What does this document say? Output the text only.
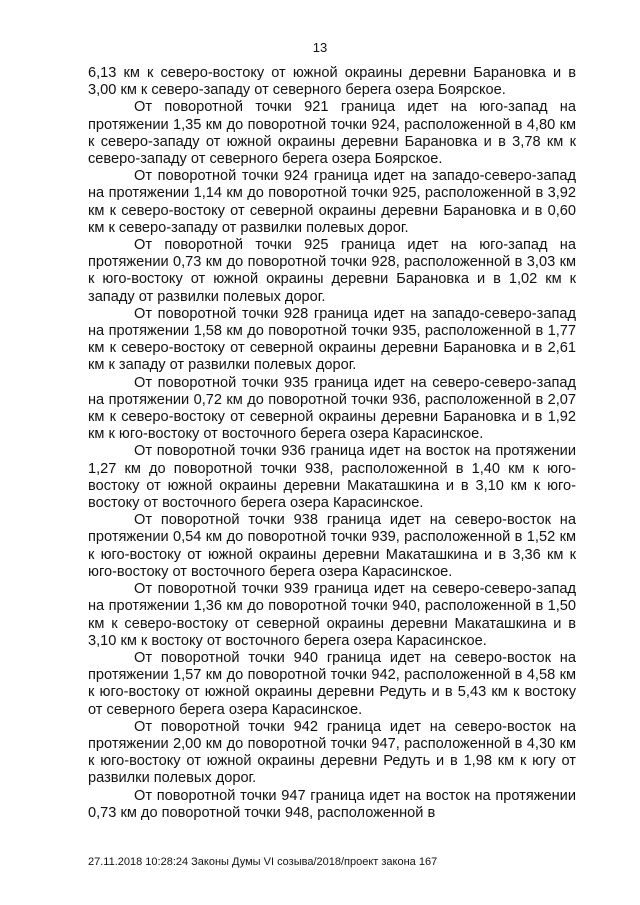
13

6,13 км к северо-востоку от южной окраины деревни Барановка и в 3,00 км к северо-западу от северного берега озера Боярское.

От поворотной точки 921 граница идет на юго-запад на протяжении 1,35 км до поворотной точки 924, расположенной в 4,80 км к северо-западу от южной окраины деревни Барановка и в 3,78 км к северо-западу от северного берега озера Боярское.

От поворотной точки 924 граница идет на западо-северо-запад на протяжении 1,14 км до поворотной точки 925, расположенной в 3,92 км к северо-востоку от северной окраины деревни Барановка и в 0,60 км к северо-западу от развилки полевых дорог.

От поворотной точки 925 граница идет на юго-запад на протяжении 0,73 км до поворотной точки 928, расположенной в 3,03 км к юго-востоку от южной окраины деревни Барановка и в 1,02 км к западу от развилки полевых дорог.

От поворотной точки 928 граница идет на западо-северо-запад на протяжении 1,58 км до поворотной точки 935, расположенной в 1,77 км к северо-востоку от северной окраины деревни Барановка и в 2,61 км к западу от развилки полевых дорог.

От поворотной точки 935 граница идет на северо-северо-запад на протяжении 0,72 км до поворотной точки 936, расположенной в 2,07 км к северо-востоку от северной окраины деревни Барановка и в 1,92 км к юго-востоку от восточного берега озера Карасинское.

От поворотной точки 936 граница идет на восток на протяжении 1,27 км до поворотной точки 938, расположенной в 1,40 км к юго-востоку от южной окраины деревни Макаташкина и в 3,10 км к юго-востоку от восточного берега озера Карасинское.

От поворотной точки 938 граница идет на северо-восток на протяжении 0,54 км до поворотной точки 939, расположенной в 1,52 км к юго-востоку от южной окраины деревни Макаташкина и в 3,36 км к юго-востоку от восточного берега озера Карасинское.

От поворотной точки 939 граница идет на северо-северо-запад на протяжении 1,36 км до поворотной точки 940, расположенной в 1,50 км к северо-востоку от северной окраины деревни Макаташкина и в 3,10 км к востоку от восточного берега озера Карасинское.

От поворотной точки 940 граница идет на северо-восток на протяжении 1,57 км до поворотной точки 942, расположенной в 4,58 км к юго-востоку от южной окраины деревни Редуть и в 5,43 км к востоку от северного берега озера Карасинское.

От поворотной точки 942 граница идет на северо-восток на протяжении 2,00 км до поворотной точки 947, расположенной в 4,30 км к юго-востоку от южной окраины деревни Редуть и в 1,98 км к югу от развилки полевых дорог.

От поворотной точки 947 граница идет на восток на протяжении 0,73 км до поворотной точки 948, расположенной в

27.11.2018 10:28:24 Законы Думы VI созыва/2018/проект закона 167
